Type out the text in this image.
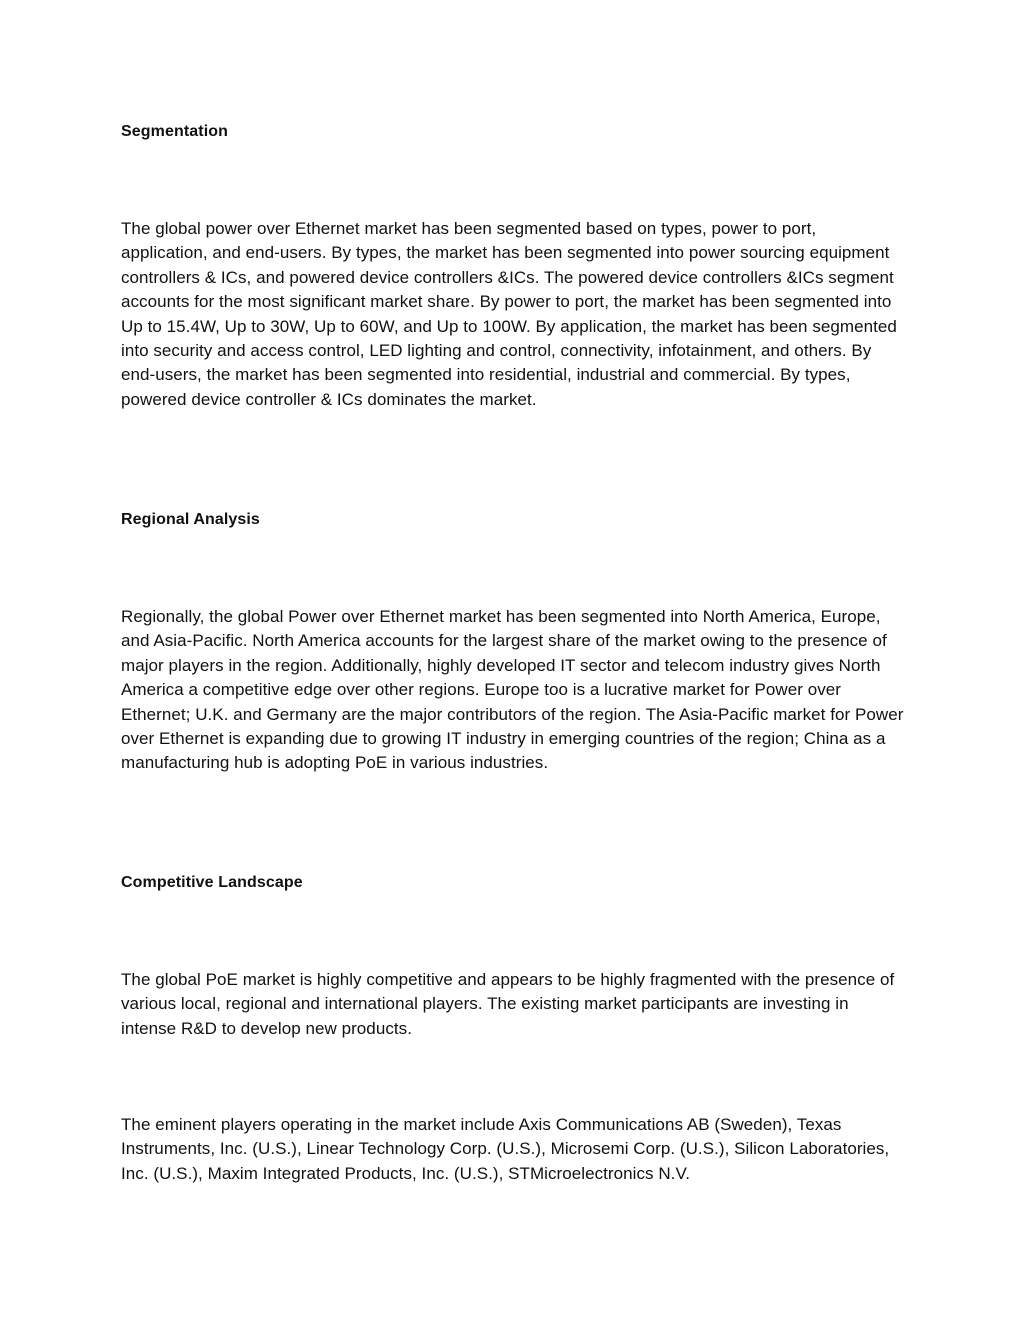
Segmentation

The global power over Ethernet market has been segmented based on types, power to port, application, and end-users. By types, the market has been segmented into power sourcing equipment controllers & ICs, and powered device controllers &ICs. The powered device controllers &ICs segment accounts for the most significant market share. By power to port, the market has been segmented into Up to 15.4W, Up to 30W, Up to 60W, and Up to 100W. By application, the market has been segmented into security and access control, LED lighting and control, connectivity, infotainment, and others. By end-users, the market has been segmented into residential, industrial and commercial. By types, powered device controller & ICs dominates the market.

Regional Analysis

Regionally, the global Power over Ethernet market has been segmented into North America, Europe, and Asia-Pacific. North America accounts for the largest share of the market owing to the presence of major players in the region. Additionally, highly developed IT sector and telecom industry gives North America a competitive edge over other regions. Europe too is a lucrative market for Power over Ethernet; U.K. and Germany are the major contributors of the region. The Asia-Pacific market for Power over Ethernet is expanding due to growing IT industry in emerging countries of the region; China as a manufacturing hub is adopting PoE in various industries.

Competitive Landscape

The global PoE market is highly competitive and appears to be highly fragmented with the presence of various local, regional and international players. The existing market participants are investing in intense R&D to develop new products.

The eminent players operating in the market include Axis Communications AB (Sweden), Texas Instruments, Inc. (U.S.), Linear Technology Corp. (U.S.), Microsemi Corp. (U.S.), Silicon Laboratories, Inc. (U.S.), Maxim Integrated Products, Inc. (U.S.), STMicroelectronics N.V.
